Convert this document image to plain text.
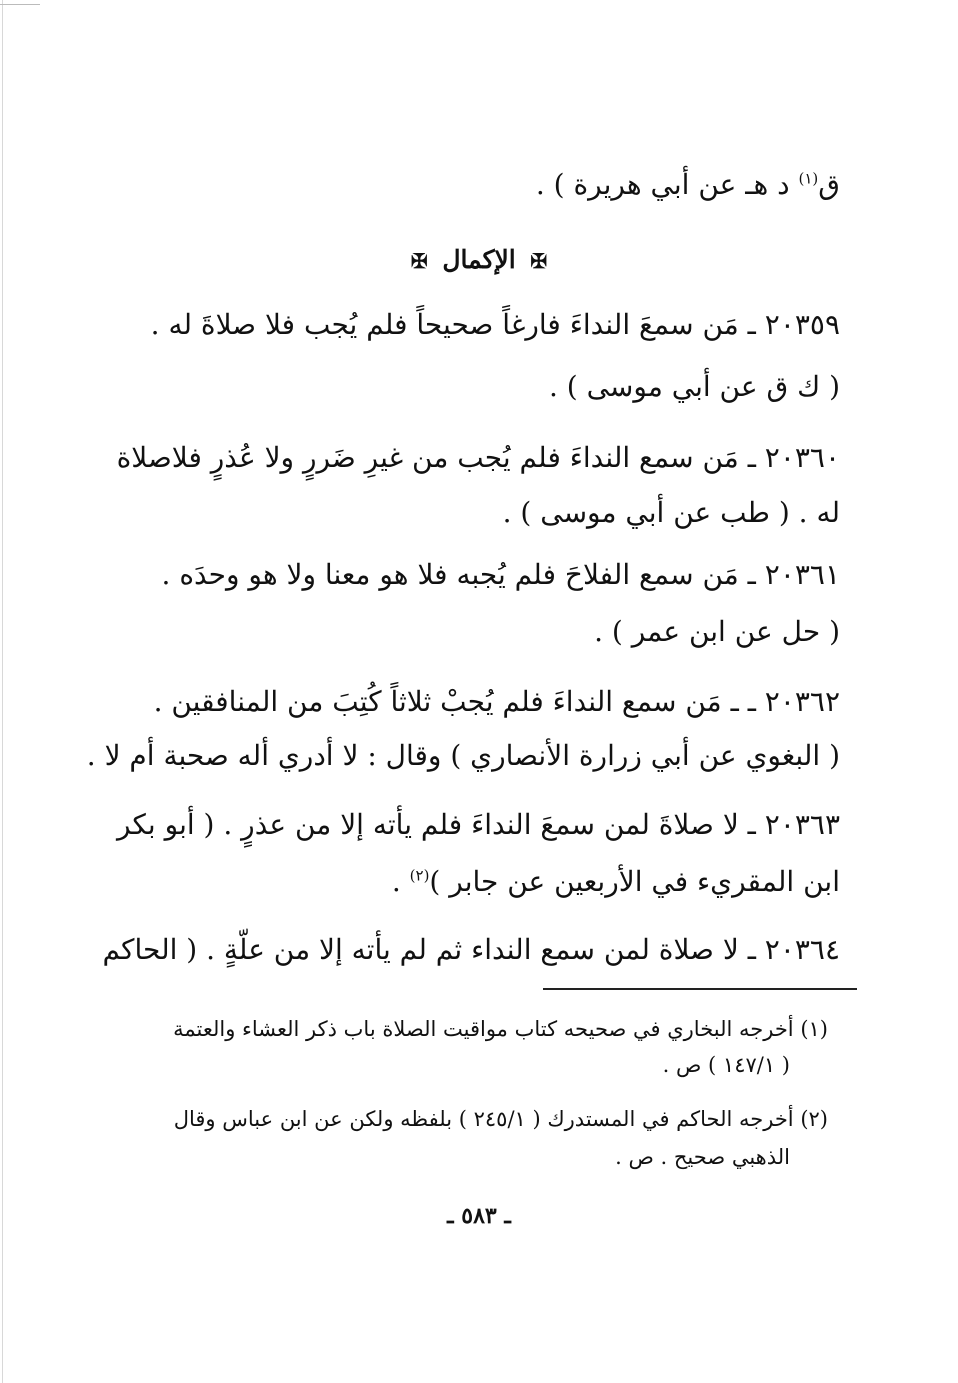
ق$^{(١)}$ د هـ عن أبي هريرة ) .
✠ الإكمال ✠
٢٠٣٥٩ ـ مَن سمعَ النداءَ فارغاً صحيحاً فلم يُجب فلا صلاةَ له .
( ك ق عن أبي موسى ) .
٢٠٣٦٠ ـ مَن سمع النداءَ فلم يُجب من غيرِ ضَررٍ ولا عُذرٍ فلاصلاة
له . ( طب عن أبي موسى ) .
٢٠٣٦١ ـ مَن سمع الفلاحَ فلم يُجبه فلا هو معنا ولا هو وحدَه .
( حل عن ابن عمر ) .
٢٠٣٦٢ ـ ـ مَن سمع النداءَ فلم يُجبْ ثلاثاً كُتِبَ من المنافقين .
( البغوي عن أبي زرارة الأنصاري ) وقال : لا أدري أله صحبة أم لا .
٢٠٣٦٣ ـ لا صلاةَ لمن سمعَ النداءَ فلم يأته إلا من عذرٍ . ( أبو بكر
ابن المقريء في الأربعين عن جابر )$^{(٢)}$ .
٢٠٣٦٤ ـ لا صلاة لمن سمع النداء ثم لم يأته إلا من علّةٍ . ( الحاكم
(١) أخرجه البخاري في صحيحه كتاب مواقيت الصلاة باب ذكر العشاء والعتمة
( ١٤٧/١ ) ص .
(٢) أخرجه الحاكم في المستدرك ( ٢٤٥/١ ) بلفظه ولكن عن ابن عباس وقال
الذهبي صحيح . ص .
ـ ٥٨٣ ـ
